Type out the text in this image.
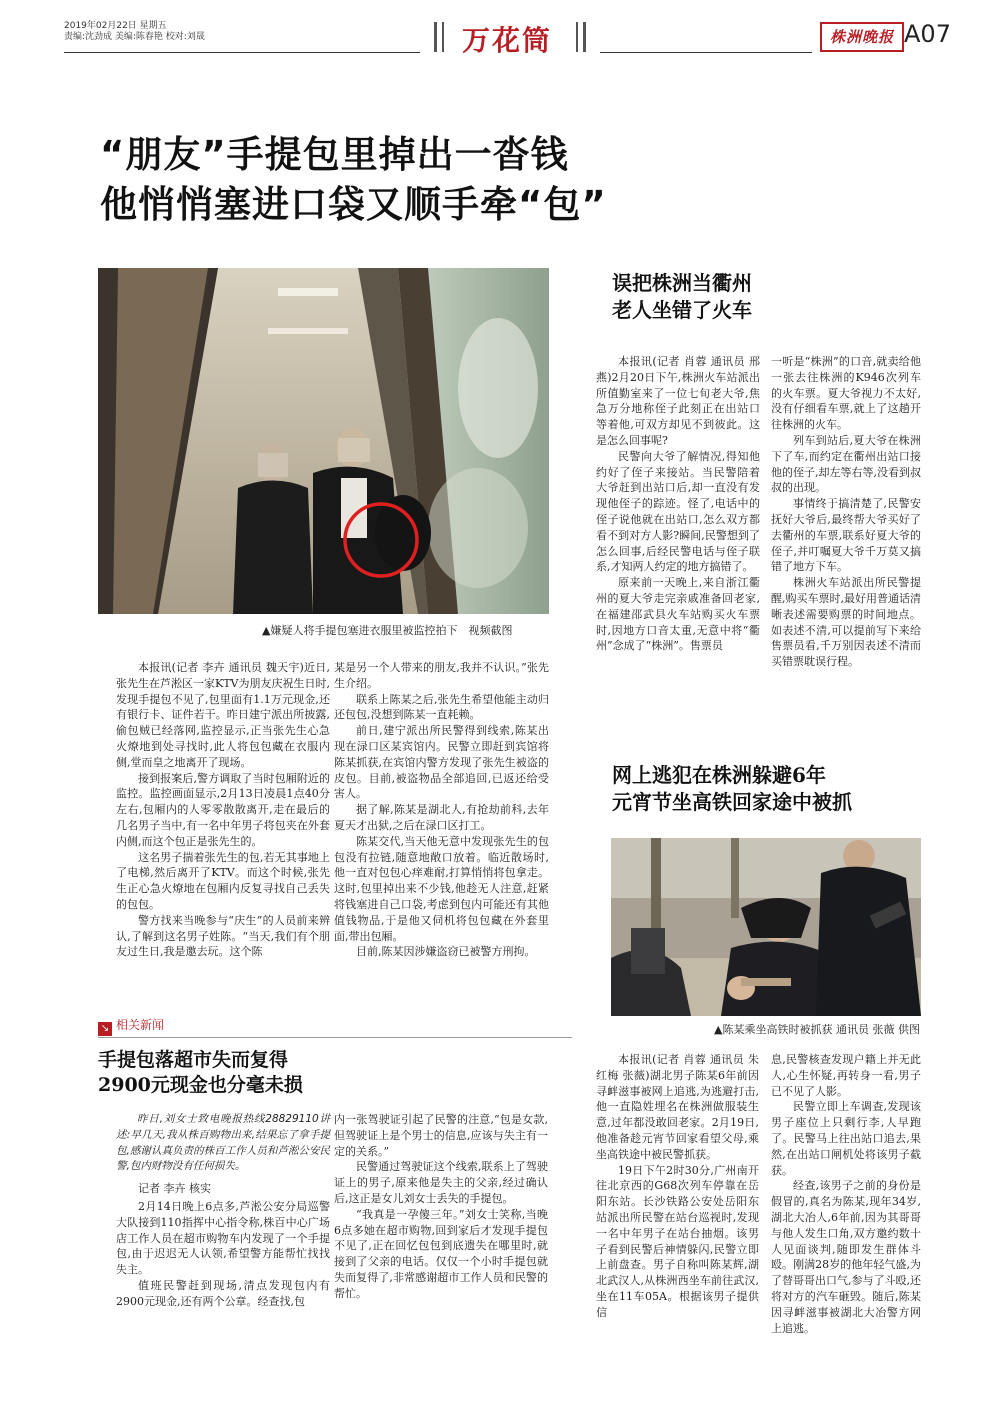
2019年02月22日 星期五
责编:沈劲成 美编:陈春艳 校对:刘晟	万花筒	株洲晚报 A07
“朋友”手提包里掉出一沓钱
他悄悄塞进口袋又顺手牵“包”
▲嫌疑人将手提包塞进衣服里被监控拍下　视频截图

本报讯(记者 李卉 通讯员 魏天宇)近日,张先生在芦淞区一家KTV为朋友庆祝生日时,发现手提包不见了,包里面有1.1万元现金,还有银行卡、证件若干。昨日建宁派出所披露,偷包贼已经落网,监控显示,正当张先生心急火燎地到处寻找时,此人将包包藏在衣服内侧,堂而皇之地离开了现场。

接到报案后,警方调取了当时包厢附近的监控。监控画面显示,2月13日凌晨1点40分左右,包厢内的人零零散散离开,走在最后的几名男子当中,有一名中年男子将包夹在外套内侧,而这个包正是张先生的。

这名男子揣着张先生的包,若无其事地上了电梯,然后离开了KTV。而这个时候,张先生正心急火燎地在包厢内反复寻找自己丢失的包包。

警方找来当晚参与“庆生”的人员前来辨认,了解到这名男子姓陈。“当天,我们有个朋友过生日,我是邀去玩。这个陈

某是另一个人带来的朋友,我并不认识。”张先生介绍。

联系上陈某之后,张先生希望他能主动归还包包,没想到陈某一直耗赖。

前日,建宁派出所民警得到线索,陈某出现在渌口区某宾馆内。民警立即赶到宾馆将陈某抓获,在宾馆内警方发现了张先生被盗的皮包。目前,被盗物品全部追回,已返还给受害人。

据了解,陈某是湖北人,有抢劫前科,去年夏天才出狱,之后在渌口区打工。

陈某交代,当天他无意中发现张先生的包包没有拉链,随意地敞口放着。临近散场时,他一直对包包心痒难耐,打算悄悄将包拿走。这时,包里掉出来不少钱,他趁无人注意,赶紧将钱塞进自己口袋,考虑到包内可能还有其他值钱物品,于是他又伺机将包包藏在外套里面,带出包厢。

目前,陈某因涉嫌盗窃已被警方刑拘。

误把株洲当衢州
老人坐错了火车

本报讯(记者 肖蓉 通讯员 邢燕)2月20日下午,株洲火车站派出所值勤室来了一位七旬老大爷,焦急万分地称侄子此刻正在出站口等着他,可双方却见不到彼此。这是怎么回事呢?

民警向大爷了解情况,得知他约好了侄子来接站。当民警陪着大爷赶到出站口后,却一直没有发现他侄子的踪迹。怪了,电话中的侄子说他就在出站口,怎么双方都看不到对方人影?瞬间,民警想到了怎么回事,后经民警电话与侄子联系,才知两人约定的地方搞错了。

原来前一天晚上,来自浙江衢州的夏大爷走完亲戚准备回老家,在福建邵武县火车站购买火车票时,因地方口音太重,无意中将“衢州”念成了“株洲”。售票员

一听是“株洲”的口音,就卖给他一张去往株洲的K946次列车的火车票。夏大爷视力不太好,没有仔细看车票,就上了这趟开往株洲的火车。

列车到站后,夏大爷在株洲下了车,而约定在衢州出站口接他的侄子,却左等右等,没看到叔叔的出现。

事情终于搞清楚了,民警安抚好大爷后,最终帮大爷买好了去衢州的车票,联系好夏大爷的侄子,并叮嘱夏大爷千万莫又搞错了地方下车。

株洲火车站派出所民警提醒,购买车票时,最好用普通话清晰表述需要购票的时间地点。如表述不清,可以提前写下来给售票员看,千万别因表述不清而买错票耽误行程。

网上逃犯在株洲躲避6年
元宵节坐高铁回家途中被抓
▲陈某乘坐高铁时被抓获 通讯员 张薇 供图

本报讯(记者 肖蓉 通讯员 朱红梅 张薇)湖北男子陈某6年前因寻衅滋事被网上追逃,为逃避打击,他一直隐姓埋名在株洲做服装生意,过年都没敢回老家。2月19日,他准备趁元宵节回家看望父母,乘坐高铁途中被民警抓获。

19日下午2时30分,广州南开往北京西的G68次列车停靠在岳阳东站。长沙铁路公安处岳阳东站派出所民警在站台巡视时,发现一名中年男子在站台抽烟。该男子看到民警后神情躲闪,民警立即上前盘查。男子自称叫陈某辉,湖北武汉人,从株洲西坐车前往武汉,坐在11车05A。根据该男子提供信

息,民警核查发现户籍上并无此人,心生怀疑,再转身一看,男子已不见了人影。

民警立即上车调查,发现该男子座位上只剩行李,人早跑了。民警马上往出站口追去,果然,在出站口闸机处将该男子截获。

经查,该男子之前的身份是假冒的,真名为陈某,现年34岁,湖北大冶人,6年前,因为其哥哥与他人发生口角,双方邀约数十人见面谈判,随即发生群体斗殴。刚满28岁的他年轻气盛,为了替哥哥出口气,参与了斗殴,还将对方的汽车砸毁。随后,陈某因寻衅滋事被湖北大冶警方网上追逃。

↘ 相关新闻
手提包落超市失而复得
2900元现金也分毫未损

昨日,刘女士致电晚报热线28829110讲述:早几天,我从株百购物出来,结果忘了拿手提包,感谢认真负责的株百工作人员和芦淞公安民警,包内财物没有任何损失。

记者 李卉 核实

2月14日晚上6点多,芦淞公安分局巡警大队接到110指挥中心指令称,株百中心广场店工作人员在超市购物车内发现了一个手提包,由于迟迟无人认领,希望警方能帮忙找找失主。

值班民警赶到现场,清点发现包内有2900元现金,还有两个公章。经查找,包

内一张驾驶证引起了民警的注意,“包是女款,但驾驶证上是个男士的信息,应该与失主有一定的关系。”

民警通过驾驶证这个线索,联系上了驾驶证上的男子,原来他是失主的父亲,经过确认后,这正是女儿刘女士丢失的手提包。

“我真是一孕傻三年。”刘女士笑称,当晚6点多她在超市购物,回到家后才发现手提包不见了,正在回忆包包到底遗失在哪里时,就接到了父亲的电话。仅仅一个小时手提包就失而复得了,非常感谢超市工作人员和民警的帮忙。
